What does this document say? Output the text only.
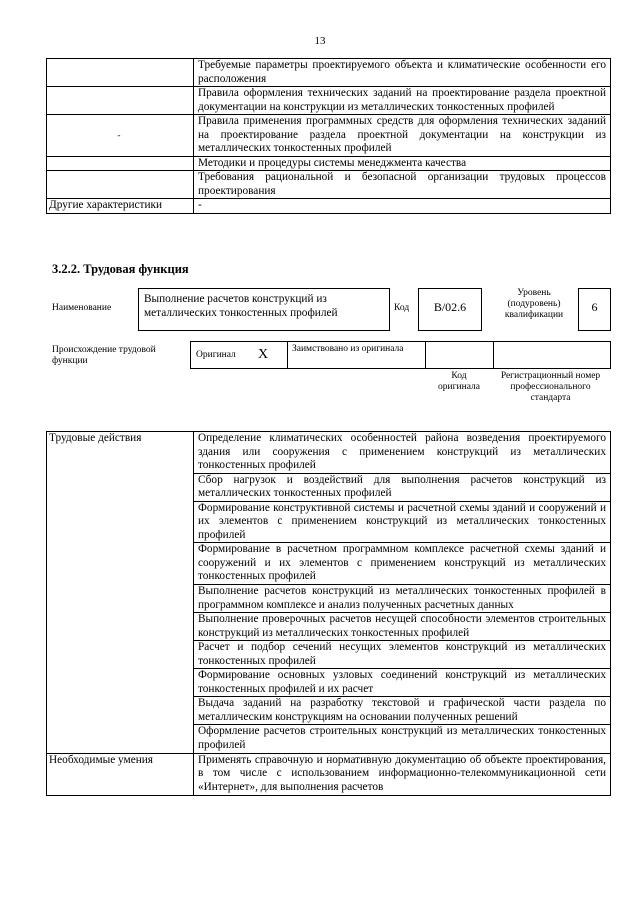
13
	Требуемые параметры проектируемого объекта и климатические особенности его расположения
	Правила оформления технических заданий на проектирование раздела проектной документации на конструкции из металлических тонкостенных профилей
-	Правила применения программных средств для оформления технических заданий на проектирование раздела проектной документации на конструкции из металлических тонкостенных профилей
	Методики и процедуры системы менеджмента качества
	Требования рациональной и безопасной организации трудовых процессов проектирования
Другие характеристики	-
3.2.2. Трудовая функция
Наименование
Выполнение расчетов конструкций из металлических тонкостенных профилей	Код	В/02.6
Уровень (подуровень) квалификации
6
Происхождение трудовой функции
Оригинал X	Заимствовано из оригинала
Код оригинала
Регистрационный номер профессионального стандарта
Трудовые действия	Определение климатических особенностей района возведения проектируемого здания или сооружения с применением конструкций из металлических тонкостенных профилей
	Сбор нагрузок и воздействий для выполнения расчетов конструкций из металлических тонкостенных профилей
	Формирование конструктивной системы и расчетной схемы зданий и сооружений и их элементов с применением конструкций из металлических тонкостенных профилей
	Формирование в расчетном программном комплексе расчетной схемы зданий и сооружений и их элементов с применением конструкций из металлических тонкостенных профилей
	Выполнение расчетов конструкций из металлических тонкостенных профилей в программном комплексе и анализ полученных расчетных данных
	Выполнение проверочных расчетов несущей способности элементов строительных конструкций из металлических тонкостенных профилей
	Расчет и подбор сечений несущих элементов конструкций из металлических тонкостенных профилей
	Формирование основных узловых соединений конструкций из металлических тонкостенных профилей и их расчет
	Выдача заданий на разработку текстовой и графической части раздела по металлическим конструкциям на основании полученных решений
	Оформление расчетов строительных конструкций из металлических тонкостенных профилей
Необходимые умения	Применять справочную и нормативную документацию об объекте проектирования, в том числе с использованием информационно-телекоммуникационной сети «Интернет», для выполнения расчетов
